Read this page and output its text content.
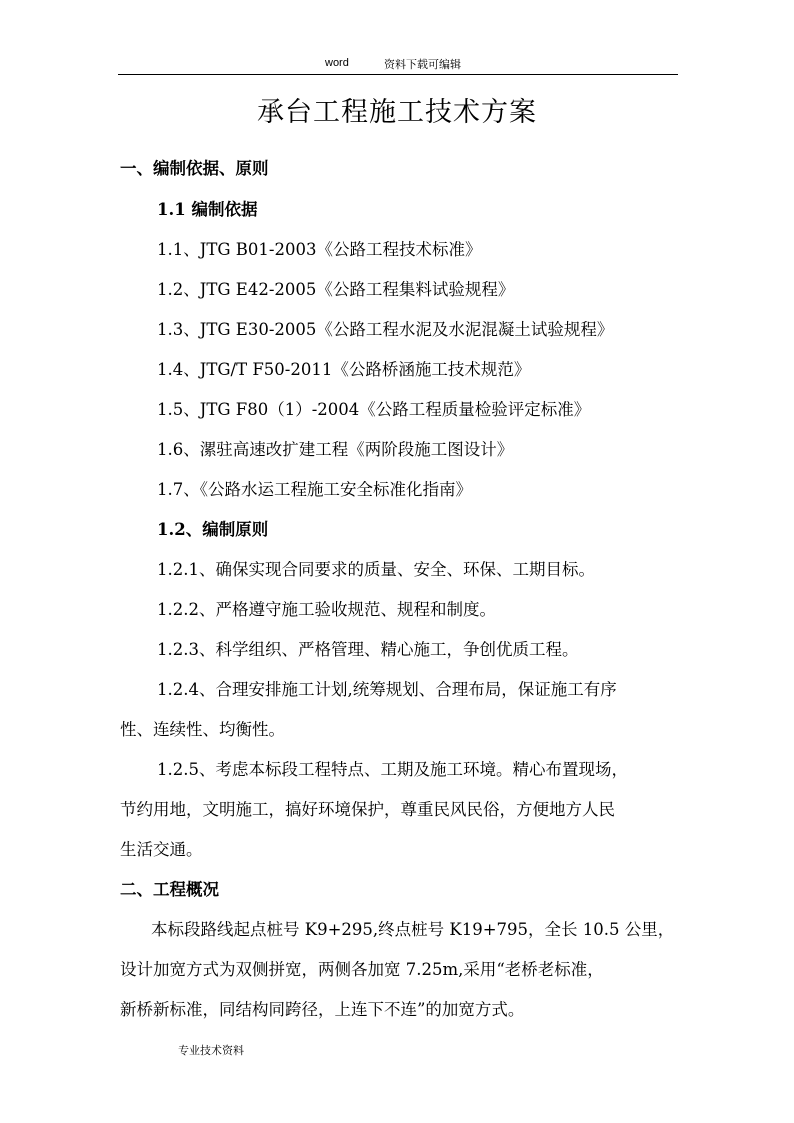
word	资料下载可编辑
承台工程施工技术方案
一、编制依据、原则
1.1 编制依据
1.1、JTG B01-2003《公路工程技术标准》
1.2、JTG E42-2005《公路工程集料试验规程》
1.3、JTG E30-2005《公路工程水泥及水泥混凝土试验规程》
1.4、JTG/T F50-2011《公路桥涵施工技术规范》
1.5、JTG F80（1）-2004《公路工程质量检验评定标准》
1.6、漯驻高速改扩建工程《两阶段施工图设计》
1.7、《公路水运工程施工安全标准化指南》
1.2、编制原则
1.2.1、确保实现合同要求的质量、安全、环保、工期目标。
1.2.2、严格遵守施工验收规范、规程和制度。
1.2.3、科学组织、严格管理、精心施工，争创优质工程。
1.2.4、合理安排施工计划,统筹规划、合理布局，保证施工有序
性、连续性、均衡性。
1.2.5、考虑本标段工程特点、工期及施工环境。精心布置现场，
节约用地，文明施工，搞好环境保护，尊重民风民俗，方便地方人民
生活交通。
二、工程概况
本标段路线起点桩号 K9+295,终点桩号 K19+795，全长 10.5 公里，
设计加宽方式为双侧拼宽，两侧各加宽 7.25m,采用“老桥老标准，
新桥新标准，同结构同跨径，上连下不连”的加宽方式。
专业技术资料
